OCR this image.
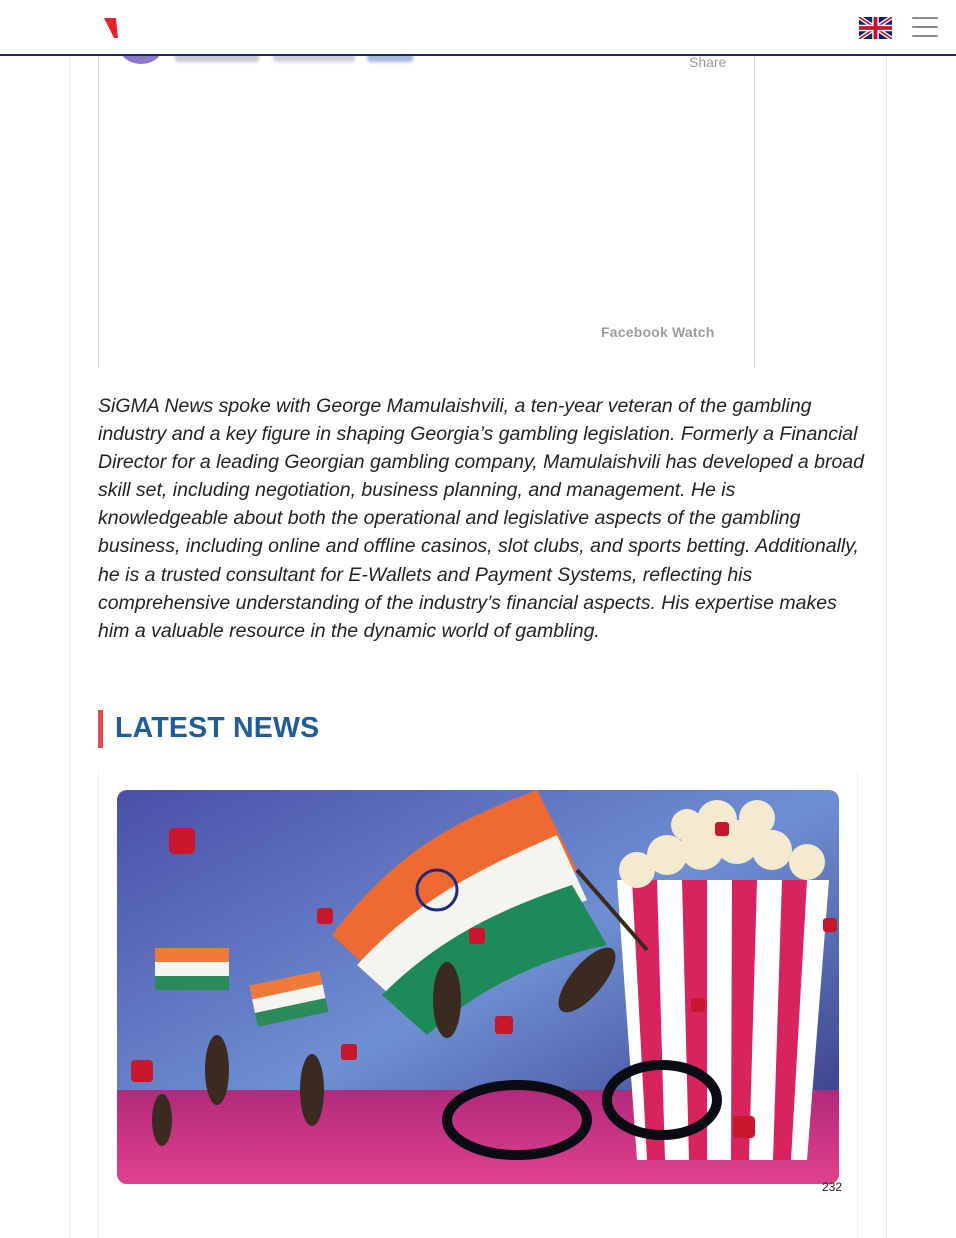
Share
Facebook Watch

SiGMA News spoke with George Mamulaishvili, a ten-year veteran of the gambling industry and a key figure in shaping Georgia’s gambling legislation. Formerly a Financial Director for a leading Georgian gambling company, Mamulaishvili has developed a broad skill set, including negotiation, business planning, and management. He is knowledgeable about both the operational and legislative aspects of the gambling business, including online and offline casinos, slot clubs, and sports betting. Additionally, he is a trusted consultant for E-Wallets and Payment Systems, reflecting his comprehensive understanding of the industry’s financial aspects. His expertise makes him a valuable resource in the dynamic world of gambling.

LATEST NEWS
232
